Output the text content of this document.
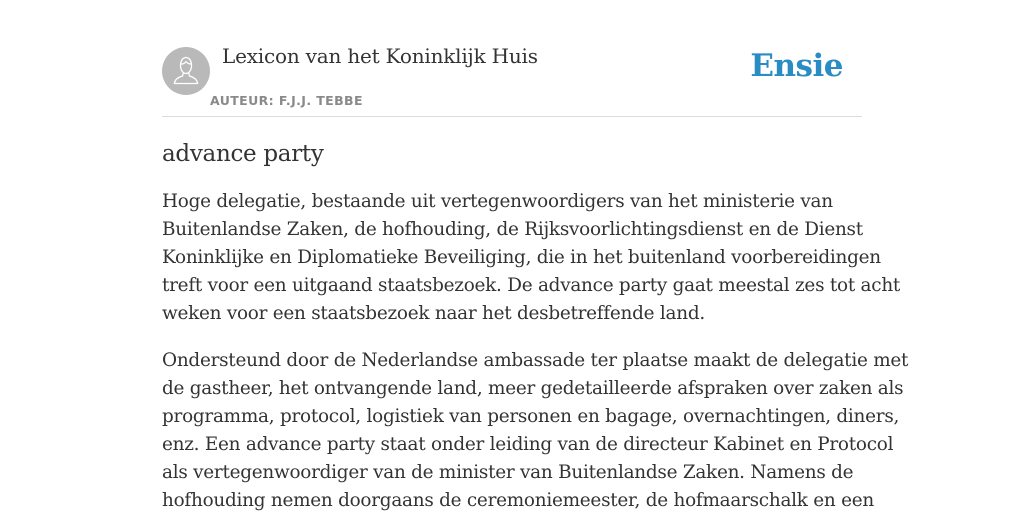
Lexicon van het Koninklijk Huis
AUTEUR: F.J.J. TEBBE
Ensie
advance party

Hoge delegatie, bestaande uit vertegenwoordigers van het ministerie van
Buitenlandse Zaken, de hofhouding, de Rijksvoorlichtingsdienst en de Dienst
Koninklijke en Diplomatieke Beveiliging, die in het buitenland voorbereidingen
treft voor een uitgaand staatsbezoek. De advance party gaat meestal zes tot acht
weken voor een staatsbezoek naar het desbetreffende land.

Ondersteund door de Nederlandse ambassade ter plaatse maakt de delegatie met
de gastheer, het ontvangende land, meer gedetailleerde afspraken over zaken als
programma, protocol, logistiek van personen en bagage, overnachtingen, diners,
enz. Een advance party staat onder leiding van de directeur Kabinet en Protocol
als vertegenwoordiger van de minister van Buitenlandse Zaken. Namens de
hofhouding nemen doorgaans de ceremoniemeester, de hofmaarschalk en een
